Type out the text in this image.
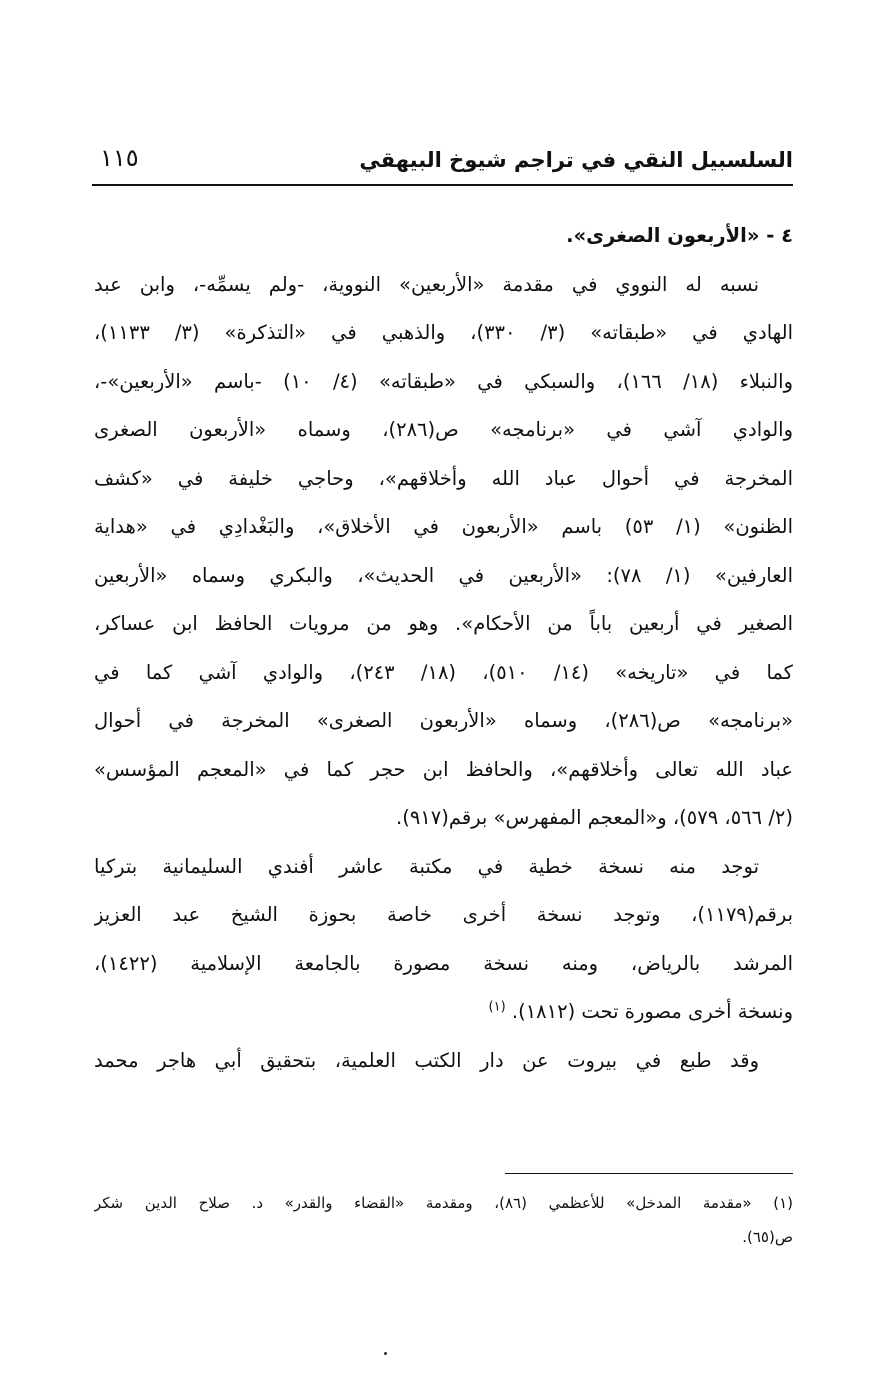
السلسبيل النقي في تراجم شيوخ البيهقي
١١٥
٤ - «الأربعون الصغرى».
نسبه له النووي في مقدمة «الأربعين» النووية، -ولم يسمِّه-، وابن عبد
الهادي في «طبقاته» (٣/ ٣٣٠)، والذهبي في «التذكرة» (٣/ ١١٣٣)،
والنبلاء (١٨/ ١٦٦)، والسبكي في «طبقاته» (٤/ ١٠) -باسم «الأربعين»-،
والوادي آشي في «برنامجه» ص(٢٨٦)، وسماه «الأربعون الصغرى
المخرجة في أحوال عباد الله وأخلاقهم»، وحاجي خليفة في «كشف
الظنون» (١/ ٥٣) باسم «الأربعون في الأخلاق»، والبَغْدادِي في «هداية
العارفين» (١/ ٧٨): «الأربعين في الحديث»، والبكري وسماه «الأربعين
الصغير في أربعين باباً من الأحكام». وهو من مرويات الحافظ ابن عساكر،
كما في «تاريخه» (١٤/ ٥١٠)، (١٨/ ٢٤٣)، والوادي آشي كما في
«برنامجه» ص(٢٨٦)، وسماه «الأربعون الصغرى» المخرجة في أحوال
عباد الله تعالى وأخلاقهم»، والحافظ ابن حجر كما في «المعجم المؤسس»
(٢/ ٥٦٦، ٥٧٩)، و«المعجم المفهرس» برقم(٩١٧).
توجد منه نسخة خطية في مكتبة عاشر أفندي السليمانية بتركيا
برقم(١١٧٩)، وتوجد نسخة أخرى خاصة بحوزة الشيخ عبد العزيز
المرشد بالرياض، ومنه نسخة مصورة بالجامعة الإسلامية (١٤٢٢)،
ونسخة أخرى مصورة تحت (١٨١٢). $^{(١)}$
وقد طبع في بيروت عن دار الكتب العلمية، بتحقيق أبي هاجر محمد
(١) «مقدمة المدخل» للأعظمي (٨٦)، ومقدمة «القضاء والقدر» د. صلاح الدين شكر
ص(٦٥).
